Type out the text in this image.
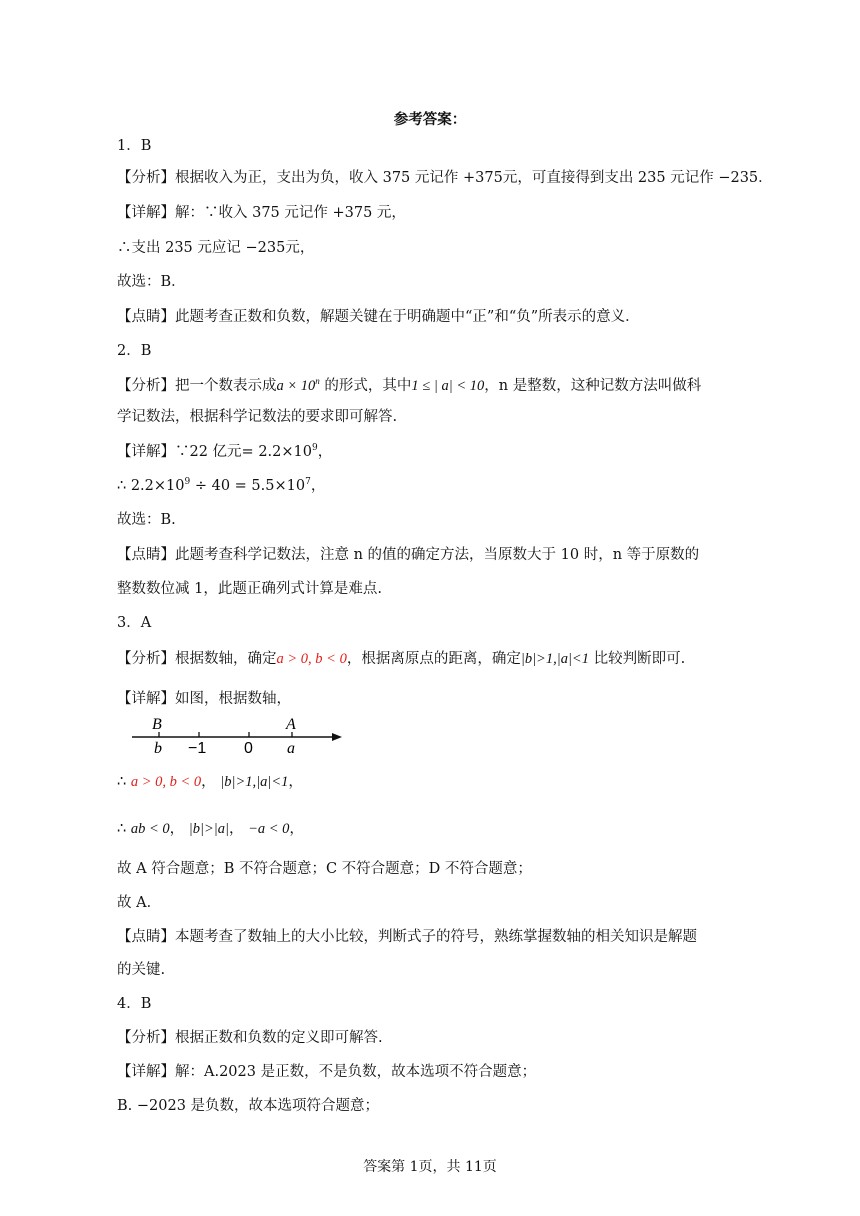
参考答案：
1．B
【分析】根据收入为正，支出为负，收入 375 元记作 +375元，可直接得到支出 235 元记作 −235．
【详解】解：∵收入 375 元记作 +375 元，
∴支出 235 元应记 −235元，
故选：B．
【点睛】此题考查正数和负数，解题关键在于明确题中“正”和“负”所表示的意义．
2．B
【分析】把一个数表示成$a \times 10^n$ 的形式，其中1 ≤ | a| < 10，n 是整数，这种记数方法叫做科
学记数法，根据科学记数法的要求即可解答.
【详解】∵22 亿元= $2.2\times 10^9$，
∴ $2.2\times 10^9 \div 40 = 5.5\times 10^7$，
故选：B.
【点睛】此题考查科学记数法，注意 n 的值的确定方法，当原数大于 10 时，n 等于原数的
整数数位减 1，此题正确列式计算是难点.
3．A
【分析】根据数轴，确定a > 0, b < 0，根据离原点的距离，确定|b|>1,|a|<1 比较判断即可.
【详解】如图，根据数轴，
B
b −1 0
A
a
∴ a > 0, b < 0， |b|>1,|a|<1，
∴ ab < 0， |b|>|a|， −a < 0，
故 A 符合题意；B 不符合题意；C 不符合题意；D 不符合题意；
故 A．
【点睛】本题考查了数轴上的大小比较，判断式子的符号，熟练掌握数轴的相关知识是解题
的关键.
4．B
【分析】根据正数和负数的定义即可解答.
【详解】解：A.2023 是正数，不是负数，故本选项不符合题意；
B. −2023 是负数，故本选项符合题意；
答案第 1页，共 11页
